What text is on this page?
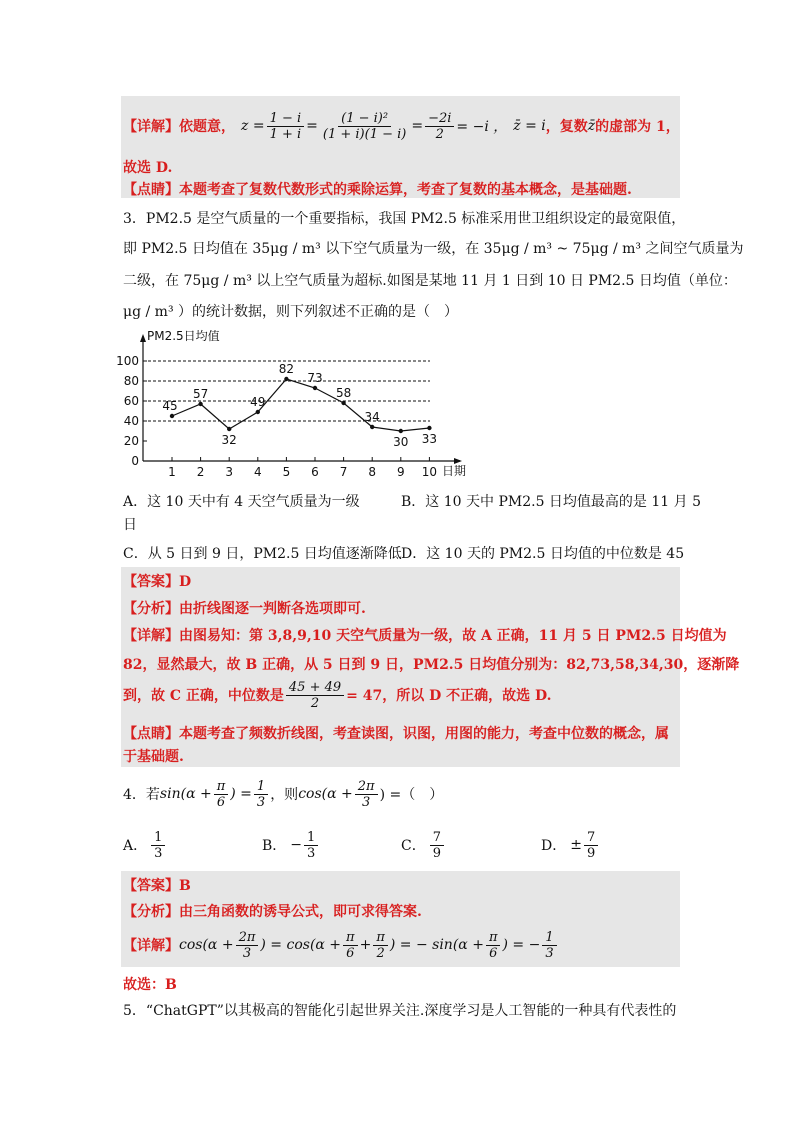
【详解】 依题意， $z = \frac{1 - i}{1 + i} = \frac{\text{(1 − i)²}}{(1 + i)(1 - i)} = \frac{-2i}{2} = -i$ ， z̄ = i ，复数 z̄ 的虚部为 1，
故选 D.
【点睛】本题考查了复数代数形式的乘除运算，考查了复数的基本概念，是基础题.
3．PM2.5 是空气质量的一个重要指标，我国 PM2.5 标准采用世卫组织设定的最宽限值，
即 PM2.5 日均值在 35μg / m³ 以下空气质量为一级，在 35μg / m³ ~ 75μg / m³ 之间空气质量为
二级，在 75μg / m³ 以上空气质量为超标.如图是某地 11 月 1 日到 10 日 PM2.5 日均值（单位：
μg / m³ ）的统计数据，则下列叙述不正确的是（　）
PM2.5日均值
日期
0
20
40
60
80
100
1 2 3 4 5 6 7 8 9 10
45
57
32
49
82
73
58
34
30 33
A．这 10 天中有 4 天空气质量为一级	B．这 10 天中 PM2.5 日均值最高的是 11 月 5
日
C．从 5 日到 9 日，PM2.5 日均值逐渐降低 D．这 10 天的 PM2.5 日均值的中位数是 45
【答案】D
【分析】由折线图逐一判断各选项即可.
【详解】由图易知：第 3,8,9,10 天空气质量为一级，故 A 正确，11 月 5 日 PM2.5 日均值为
82，显然最大，故 B 正确，从 5 日到 9 日，PM2.5 日均值分别为：82,73,58,34,30，逐渐降
到，故 C 正确，中位数是 $\frac{45 + 49}{2} = 47$，所以 D 不正确，故选 D.
【点睛】本题考查了频数折线图，考查读图，识图，用图的能力，考查中位数的概念，属
于基础题.
4．若 $\sin(\alpha + \frac{\pi}{6}$ ) = $\frac{1}{3}$ ，则 $\cos(\alpha + \frac{2\pi}{3}$ ) =（　）
A． $\frac{1}{3}$	B． − $\frac{1}{3}$	C． $\frac{7}{9}$	D． ± $\frac{7}{9}$
【答案】B
【分析】由三角函数的诱导公式，即可求得答案.
【详解】 $\cos(\alpha + \frac{2\pi}{3}$ ) = $\cos(\alpha + \frac{\pi}{6} + \frac{\pi}{2}$ ) = − $\sin(\alpha + \frac{\pi}{6}$ ) = − $\frac{1}{3}$
故选：B
5．“ChatGPT”以其极高的智能化引起世界关注.深度学习是人工智能的一种具有代表性的
